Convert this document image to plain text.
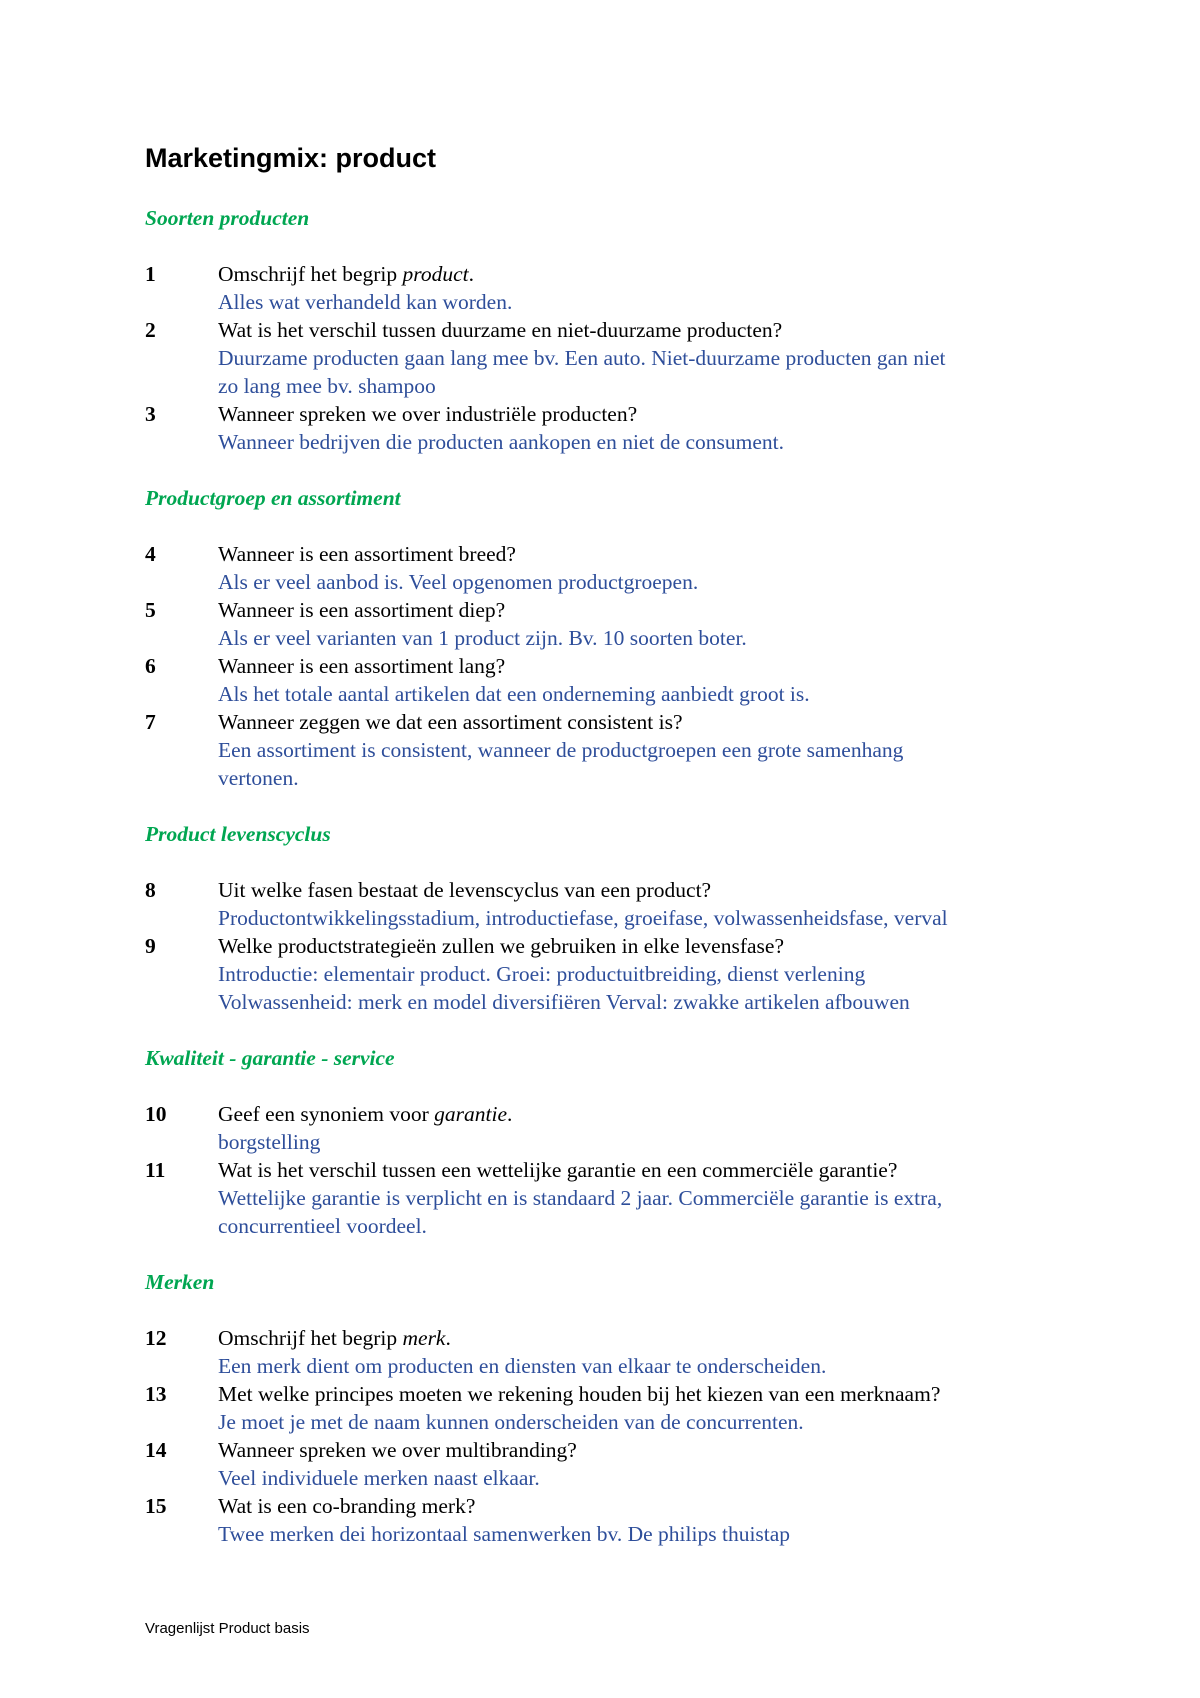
Marketingmix: product
Soorten producten
1	Omschrijf het begrip product.
Alles wat verhandeld kan worden.
2	Wat is het verschil tussen duurzame en niet-duurzame producten?
Duurzame producten gaan lang mee bv. Een auto. Niet-duurzame producten gan niet
zo lang mee bv. shampoo
3	Wanneer spreken we over industriële producten?
Wanneer bedrijven die producten aankopen en niet de consument.
Productgroep en assortiment
4	Wanneer is een assortiment breed?
Als er veel aanbod is. Veel opgenomen productgroepen.
5	Wanneer is een assortiment diep?
Als er veel varianten van 1 product zijn. Bv. 10 soorten boter.
6	Wanneer is een assortiment lang?
Als het totale aantal artikelen dat een onderneming aanbiedt groot is.
7	Wanneer zeggen we dat een assortiment consistent is?
Een assortiment is consistent, wanneer de productgroepen een grote samenhang
vertonen.
Product levenscyclus
8	Uit welke fasen bestaat de levenscyclus van een product?
Productontwikkelingsstadium, introductiefase, groeifase, volwassenheidsfase, verval
9	Welke productstrategieën zullen we gebruiken in elke levensfase?
Introductie: elementair product. Groei: productuitbreiding, dienst verlening
Volwassenheid: merk en model diversifiëren Verval: zwakke artikelen afbouwen
Kwaliteit - garantie - service
10 Geef een synoniem voor garantie.
borgstelling
11 Wat is het verschil tussen een wettelijke garantie en een commerciële garantie?
Wettelijke garantie is verplicht en is standaard 2 jaar. Commerciële garantie is extra,
concurrentieel voordeel.
Merken
12 Omschrijf het begrip merk.
Een merk dient om producten en diensten van elkaar te onderscheiden.
13 Met welke principes moeten we rekening houden bij het kiezen van een merknaam?
Je moet je met de naam kunnen onderscheiden van de concurrenten.
14 Wanneer spreken we over multibranding?
Veel individuele merken naast elkaar.
15 Wat is een co-branding merk?
Twee merken dei horizontaal samenwerken bv. De philips thuistap
Vragenlijst Product basis
